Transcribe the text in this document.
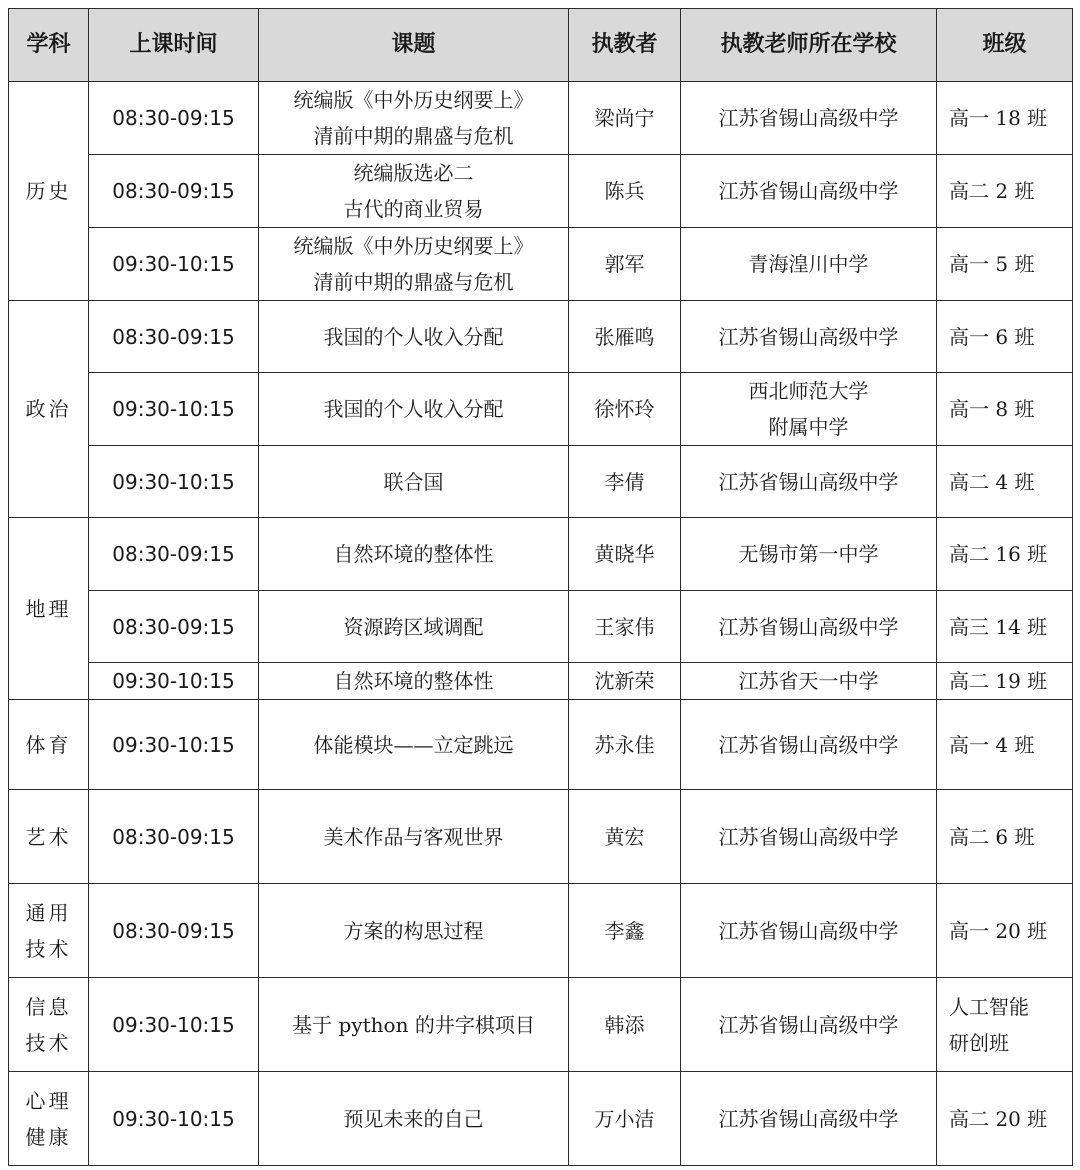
学科	上课时间	课题	执教者	执教老师所在学校	班级

历史	08:30-09:15	统编版《中外历史纲要上》
清前中期的鼎盛与危机	梁尚宁	江苏省锡山高级中学	高一 18 班

	08:30-09:15	统编版选必二
古代的商业贸易	陈兵	江苏省锡山高级中学	高二 2 班

	09:30-10:15	统编版《中外历史纲要上》
清前中期的鼎盛与危机	郭军	青海湟川中学	高一 5 班

政治	08:30-09:15	我国的个人收入分配	张雁鸣	江苏省锡山高级中学	高一 6 班

	09:30-10:15	我国的个人收入分配	徐怀玲	西北师范大学
附属中学	高一 8 班

	09:30-10:15	联合国	李倩	江苏省锡山高级中学	高二 4 班

地理	08:30-09:15	自然环境的整体性	黄晓华	无锡市第一中学	高二 16 班

	08:30-09:15	资源跨区域调配	王家伟	江苏省锡山高级中学	高三 14 班

	09:30-10:15	自然环境的整体性	沈新荣	江苏省天一中学	高二 19 班

体育	09:30-10:15	体能模块——立定跳远	苏永佳	江苏省锡山高级中学	高一 4 班

艺术	08:30-09:15	美术作品与客观世界	黄宏	江苏省锡山高级中学	高二 6 班

通用
技术	08:30-09:15	方案的构思过程	李鑫	江苏省锡山高级中学	高一 20 班

信息
技术	09:30-10:15	基于 python 的井字棋项目	韩添	江苏省锡山高级中学	人工智能
研创班

心理
健康	09:30-10:15	预见未来的自己	万小洁	江苏省锡山高级中学	高二 20 班
